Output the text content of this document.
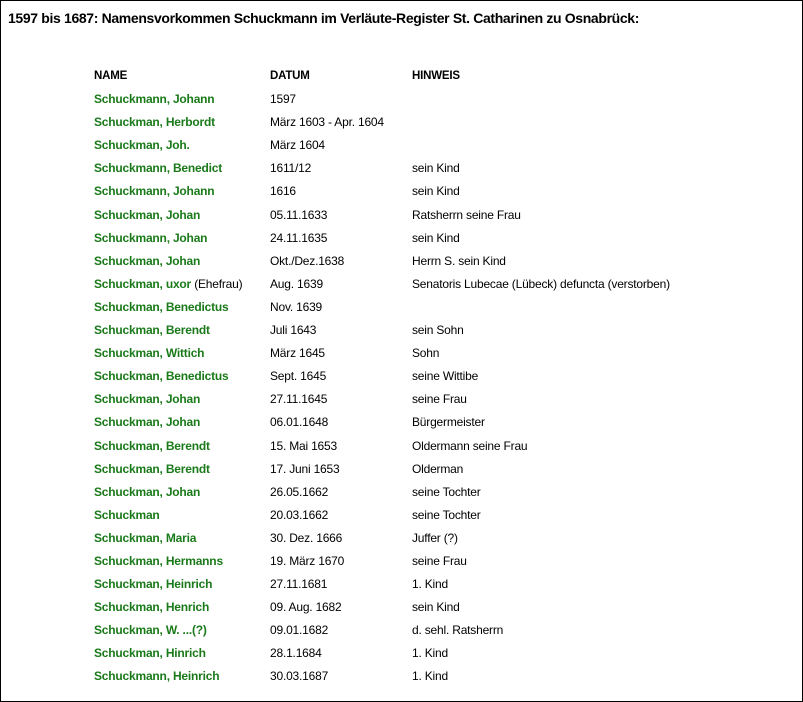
1597 bis 1687: Namensvorkommen Schuckmann im Verläute-Register St. Catharinen zu Osnabrück:
NAME	DATUM	HINWEIS
Schuckmann, Johann	1597
Schuckman, Herbordt	März 1603 - Apr. 1604
Schuckman, Joh.	März 1604
Schuckmann, Benedict	1611/12	sein Kind
Schuckmann, Johann	1616	sein Kind
Schuckman, Johan	05.11.1633	Ratsherrn seine Frau
Schuckmann, Johan	24.11.1635	sein Kind
Schuckman, Johan	Okt./Dez.1638	Herrn S. sein Kind
Schuckman, uxor (Ehefrau)	Aug. 1639	Senatoris Lubecae (Lübeck) defuncta (verstorben)
Schuckman, Benedictus	Nov. 1639
Schuckman, Berendt	Juli 1643	sein Sohn
Schuckman, Wittich	März 1645	Sohn
Schuckman, Benedictus	Sept. 1645	seine Wittibe
Schuckman, Johan	27.11.1645	seine Frau
Schuckman, Johan	06.01.1648	Bürgermeister
Schuckman, Berendt	15. Mai 1653	Oldermann seine Frau
Schuckman, Berendt	17. Juni 1653	Olderman
Schuckman, Johan	26.05.1662	seine Tochter
Schuckman	20.03.1662	seine Tochter
Schuckman, Maria	30. Dez. 1666	Juffer (?)
Schuckman, Hermanns	19. März 1670	seine Frau
Schuckman, Heinrich	27.11.1681	1. Kind
Schuckman, Henrich	09. Aug. 1682	sein Kind
Schuckman, W. ...(?)	09.01.1682	d. sehl. Ratsherrn
Schuckman, Hinrich	28.1.1684	1. Kind
Schuckmann, Heinrich	30.03.1687	1. Kind
